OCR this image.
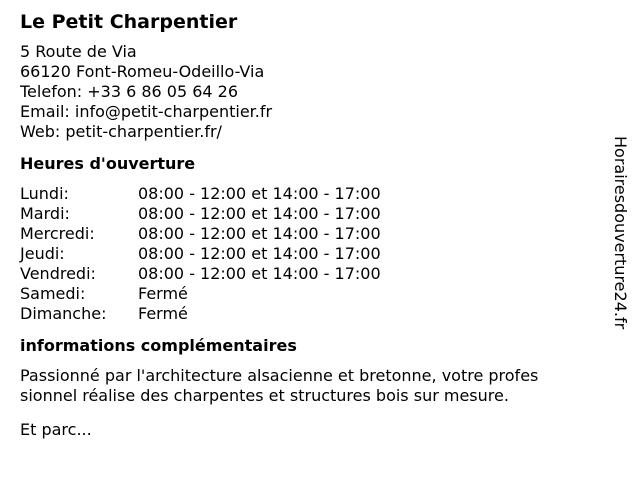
Le Petit Charpentier
5 Route de Via
66120 Font-Romeu-Odeillo-Via
Telefon: +33 6 86 05 64 26
Email: info@petit-charpentier.fr
Web: petit-charpentier.fr/
Heures d'ouverture
Lundi:	08:00 - 12:00 et 14:00 - 17:00
Mardi:	08:00 - 12:00 et 14:00 - 17:00
Mercredi:	08:00 - 12:00 et 14:00 - 17:00
Jeudi:	08:00 - 12:00 et 14:00 - 17:00
Vendredi:	08:00 - 12:00 et 14:00 - 17:00
Samedi:	Fermé
Dimanche:	Fermé
informations complémentaires
Passionné par l'architecture alsacienne et bretonne, votre profes
sionnel réalise des charpentes et structures bois sur mesure.
Et parc...
Horairesdouverture24.fr
